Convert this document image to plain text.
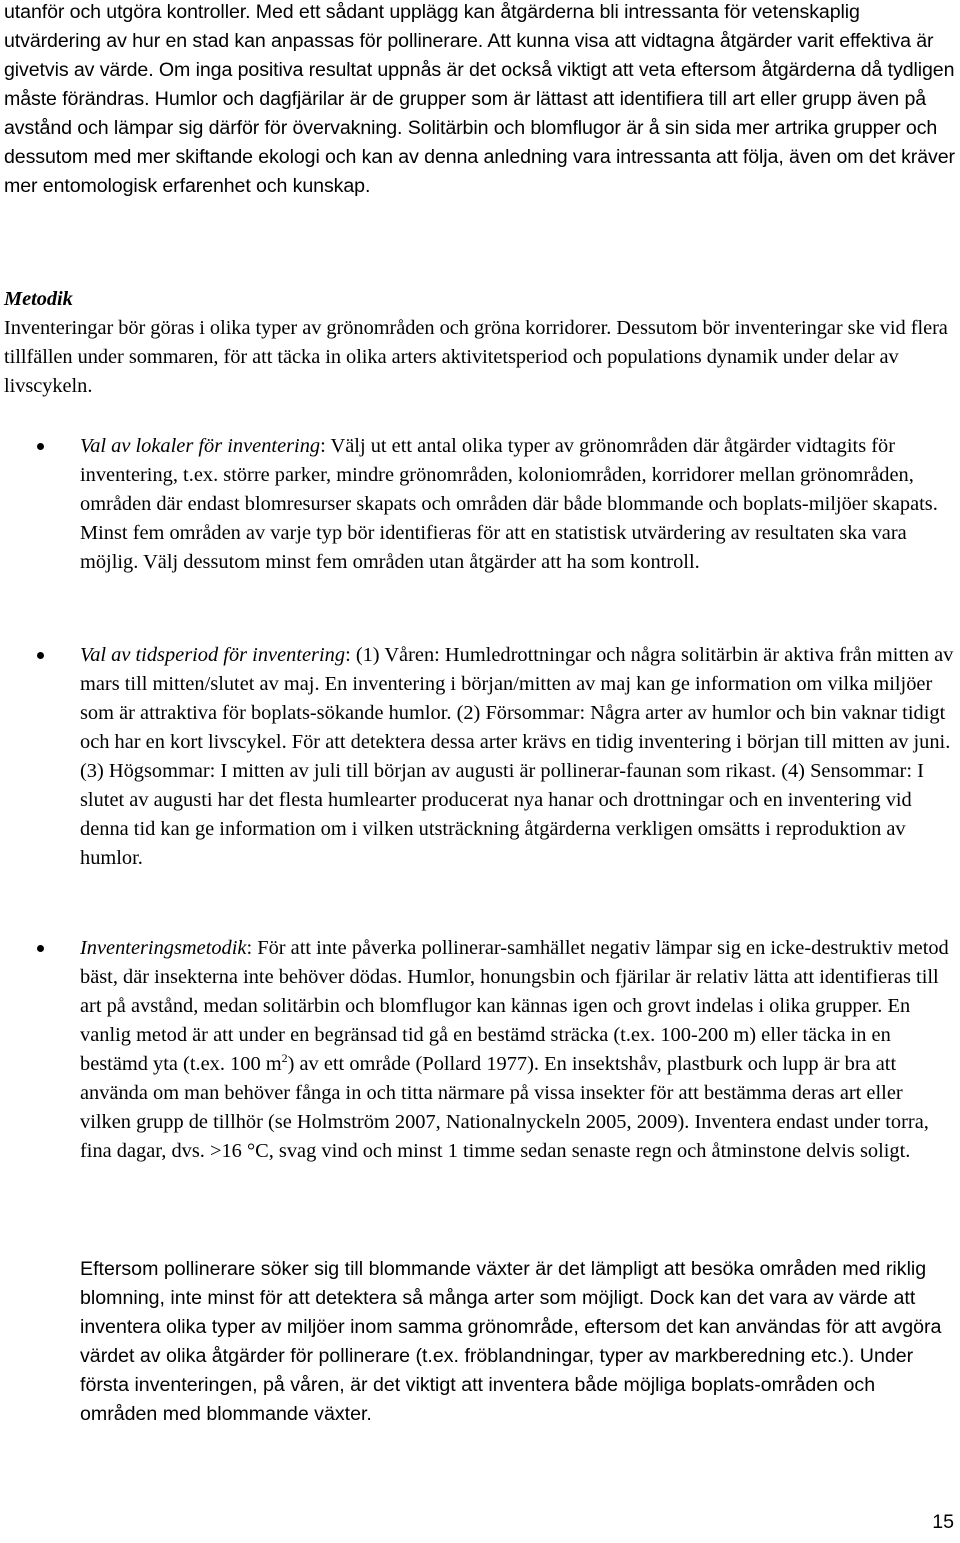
utanför och utgöra kontroller. Med ett sådant upplägg kan åtgärderna bli intressanta för vetenskaplig utvärdering av hur en stad kan anpassas för pollinerare. Att kunna visa att vidtagna åtgärder varit effektiva är givetvis av värde. Om inga positiva resultat uppnås är det också viktigt att veta eftersom åtgärderna då tydligen måste förändras. Humlor och dagfjärilar är de grupper som är lättast att identifiera till art eller grupp även på avstånd och lämpar sig därför för övervakning. Solitärbin och blomflugor är å sin sida mer artrika grupper och dessutom med mer skiftande ekologi och kan av denna anledning vara intressanta att följa, även om det kräver mer entomologisk erfarenhet och kunskap.

Metodik

Inventeringar bör göras i olika typer av grönområden och gröna korridorer. Dessutom bör inventeringar ske vid flera tillfällen under sommaren, för att täcka in olika arters aktivitetsperiod och populations dynamik under delar av livscykeln.

Val av lokaler för inventering: Välj ut ett antal olika typer av grönområden där åtgärder vidtagits för inventering, t.ex. större parker, mindre grönområden, koloniområden, korridorer mellan grönområden, områden där endast blomresurser skapats och områden där både blommande och boplats-miljöer skapats. Minst fem områden av varje typ bör identifieras för att en statistisk utvärdering av resultaten ska vara möjlig. Välj dessutom minst fem områden utan åtgärder att ha som kontroll.

Val av tidsperiod för inventering: (1) Våren: Humledrottningar och några solitärbin är aktiva från mitten av mars till mitten/slutet av maj. En inventering i början/mitten av maj kan ge information om vilka miljöer som är attraktiva för boplats-sökande humlor. (2) Försommar: Några arter av humlor och bin vaknar tidigt och har en kort livscykel. För att detektera dessa arter krävs en tidig inventering i början till mitten av juni. (3) Högsommar: I mitten av juli till början av augusti är pollinerar-faunan som rikast. (4) Sensommar: I slutet av augusti har det flesta humlearter producerat nya hanar och drottningar och en inventering vid denna tid kan ge information om i vilken utsträckning åtgärderna verkligen omsätts i reproduktion av humlor.

Inventeringsmetodik: För att inte påverka pollinerar-samhället negativ lämpar sig en icke-destruktiv metod bäst, där insekterna inte behöver dödas. Humlor, honungsbin och fjärilar är relativ lätta att identifieras till art på avstånd, medan solitärbin och blomflugor kan kännas igen och grovt indelas i olika grupper. En vanlig metod är att under en begränsad tid gå en bestämd sträcka (t.ex. 100-200 m) eller täcka in en bestämd yta (t.ex. 100 $m^2$) av ett område (Pollard 1977). En insektshåv, plastburk och lupp är bra att använda om man behöver fånga in och titta närmare på vissa insekter för att bestämma deras art eller vilken grupp de tillhör (se Holmström 2007, Nationalnyckeln 2005, 2009). Inventera endast under torra, fina dagar, dvs. >16 °C, svag vind och minst 1 timme sedan senaste regn och åtminstone delvis soligt.

Eftersom pollinerare söker sig till blommande växter är det lämpligt att besöka områden med riklig blomning, inte minst för att detektera så många arter som möjligt. Dock kan det vara av värde att inventera olika typer av miljöer inom samma grönområde, eftersom det kan användas för att avgöra värdet av olika åtgärder för pollinerare (t.ex. fröblandningar, typer av markberedning etc.). Under första inventeringen, på våren, är det viktigt att inventera både möjliga boplats-områden och områden med blommande växter.

15
